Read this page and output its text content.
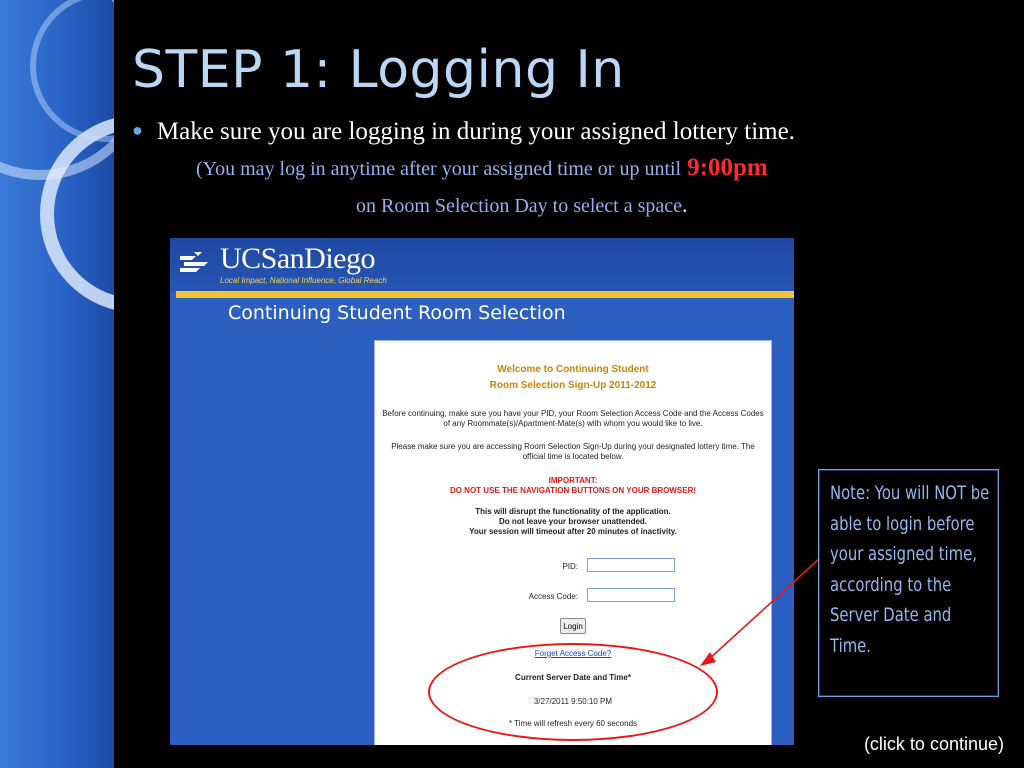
STEP 1: Logging In
● Make sure you are logging in during your assigned lottery time.
(You may log in anytime after your assigned time or up until 9:00pm
on Room Selection Day to select a space.
UCSanDiego
Local Impact, National Influence, Global Reach
Continuing Student Room Selection
Welcome to Continuing Student
Room Selection Sign-Up 2011-2012
Before continuing, make sure you have your PID, your Room Selection Access Code and the Access Codes
of any Roommate(s)/Apartment-Mate(s) with whom you would like to live.
Please make sure you are accessing Room Selection Sign-Up during your designated lottery time. The
official time is located below.
IMPORTANT:
DO NOT USE THE NAVIGATION BUTTONS ON YOUR BROWSER!
This will disrupt the functionality of the application.
Do not leave your browser unattended.
Your session will timeout after 20 minutes of inactivity.
PID:
Access Code:
Login
Forget Access Code?
Current Server Date and Time*
3/27/2011 9:50:10 PM
* Time will refresh every 60 seconds
Note: You will NOT be able to login before your assigned time, according to the Server Date and Time.
(click to continue)
